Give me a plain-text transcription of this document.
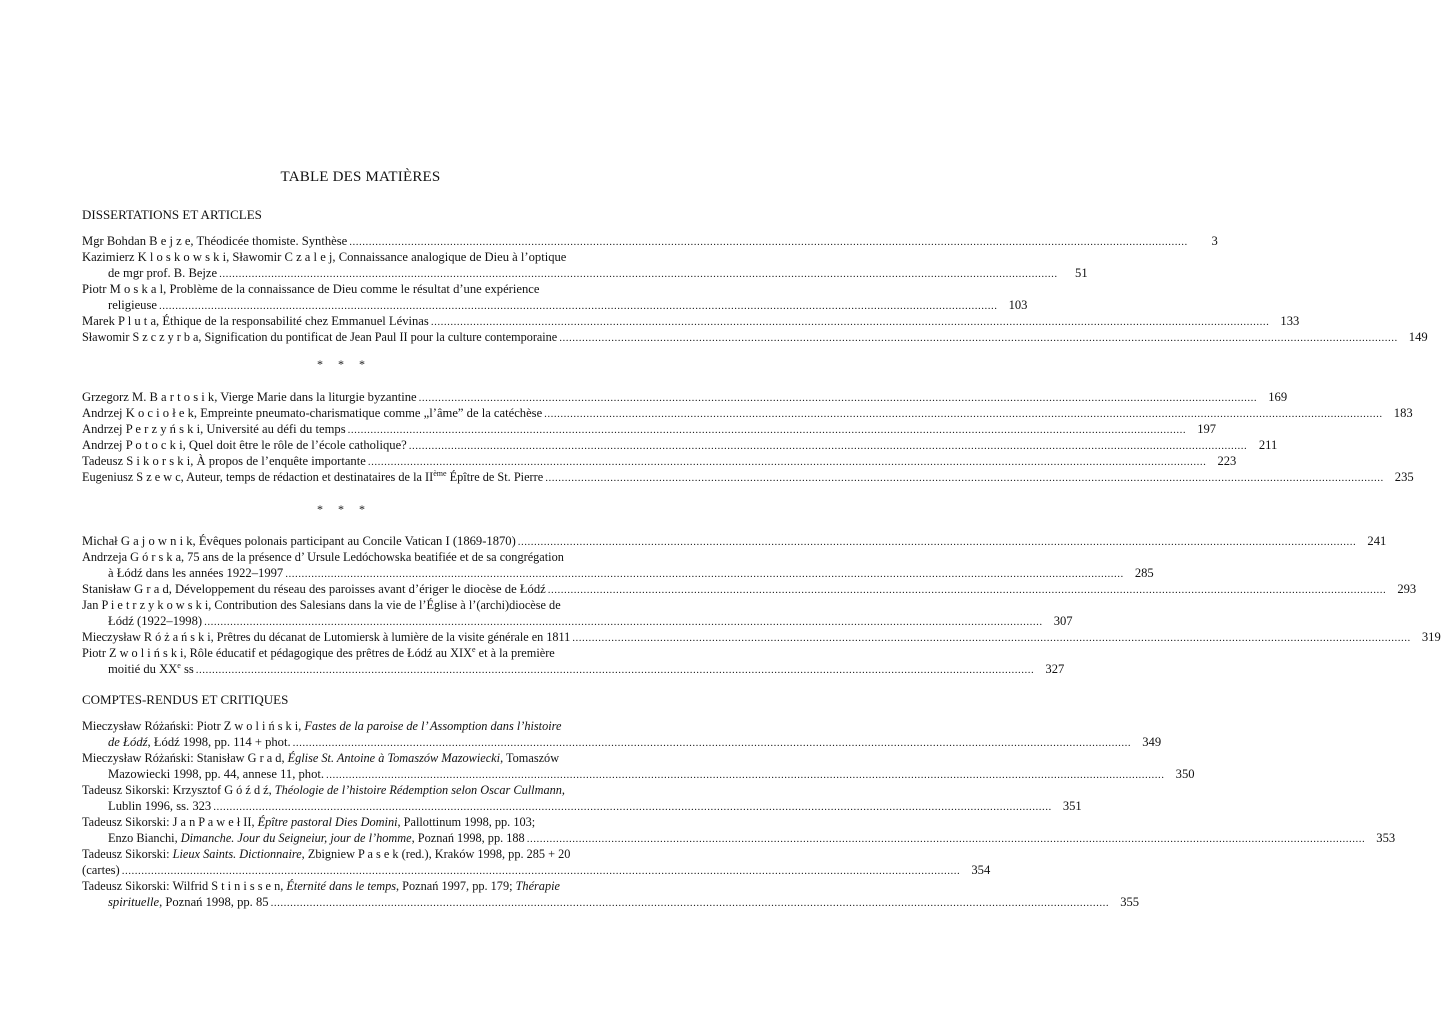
TABLE DES MATIÈRES
DISSERTATIONS ET ARTICLES
Mgr Bohdan B e j z e, Théodicée thomiste. Synthèse .....	3
Kazimierz K l o s k o w s k i, Sławomir C z a l e j, Connaissance analogique de Dieu à l’optique
de mgr prof. B. Bejze .....	51
Piotr M o s k a l, Problème de la connaissance de Dieu comme le résultat d’une expérience
religieuse .....	103
Marek P l u t a, Éthique de la responsabilité chez Emmanuel Lévinas .....	133
Sławomir S z c z y r b a, Signification du pontificat de Jean Paul II pour la culture contemporaine .....	149
* * *
Grzegorz M. B a r t o s i k, Vierge Marie dans la liturgie byzantine .....	169
Andrzej K o c i o ł e k, Empreinte pneumato-charismatique comme „l’âme” de la catéchèse .....	183
Andrzej P e r z y ń s k i, Université au défi du temps .....	197
Andrzej P o t o c k i, Quel doit être le rôle de l’école catholique? .....	211
Tadeusz S i k o r s k i, À propos de l’enquête importante .....	223
Eugeniusz S z e w c, Auteur, temps de rédaction et destinataires de la IIème Épître de St. Pierre .....	235
* * *
Michał G a j o w n i k, Évêques polonais participant au Concile Vatican I (1869-1870) .....	241
Andrzeja G ó r s k a, 75 ans de la présence d’ Ursule Ledóchowska beatifiée et de sa congrégation
à Łódź dans les années 1922–1997 .....	285
Stanisław G r a d, Développement du réseau des paroisses avant d’ériger le diocèse de Łódź .....	293
Jan P i e t r z y k o w s k i, Contribution des Salesians dans la vie de l’Église à l’(archi)diocèse de
Łódź (1922–1998) .....	307
Mieczysław R ó ż a ń s k i, Prêtres du décanat de Lutomiersk à lumière de la visite générale en 1811 .....	319
Piotr Z w o l i ń s k i, Rôle éducatif et pédagogique des prêtres de Łódź au XIXe et à la première
moitié du XXe ss .....	327
COMPTES-RENDUS ET CRITIQUES
Mieczysław Różański: Piotr Z w o l i ń s k i, Fastes de la paroise de l’ Assomption dans l’histoire
de Łódź, Łódź 1998, pp. 114 + phot. .....	349
Mieczysław Różański: Stanisław G r a d, Église St. Antoine à Tomaszów Mazowiecki, Tomaszów
Mazowiecki 1998, pp. 44, annese 11, phot. .....	350
Tadeusz Sikorski: Krzysztof G ó ź d ź, Théologie de l’histoire Rédemption selon Oscar Cullmann,
Lublin 1996, ss. 323 .....	351
Tadeusz Sikorski: J a n P a w e ł II, Épître pastoral Dies Domini, Pallottinum 1998, pp. 103;
Enzo Bianchi, Dimanche. Jour du Seigneiur, jour de l’homme, Poznań 1998, pp. 188 .....	353
Tadeusz Sikorski: Lieux Saints. Dictionnaire, Zbigniew P a s e k (red.), Kraków 1998, pp. 285 + 20
(cartes) .....	354
Tadeusz Sikorski: Wilfrid S t i n i s s e n, Éternité dans le temps, Poznań 1997, pp. 179; Thérapie
spirituelle, Poznań 1998, pp. 85 .....	355
